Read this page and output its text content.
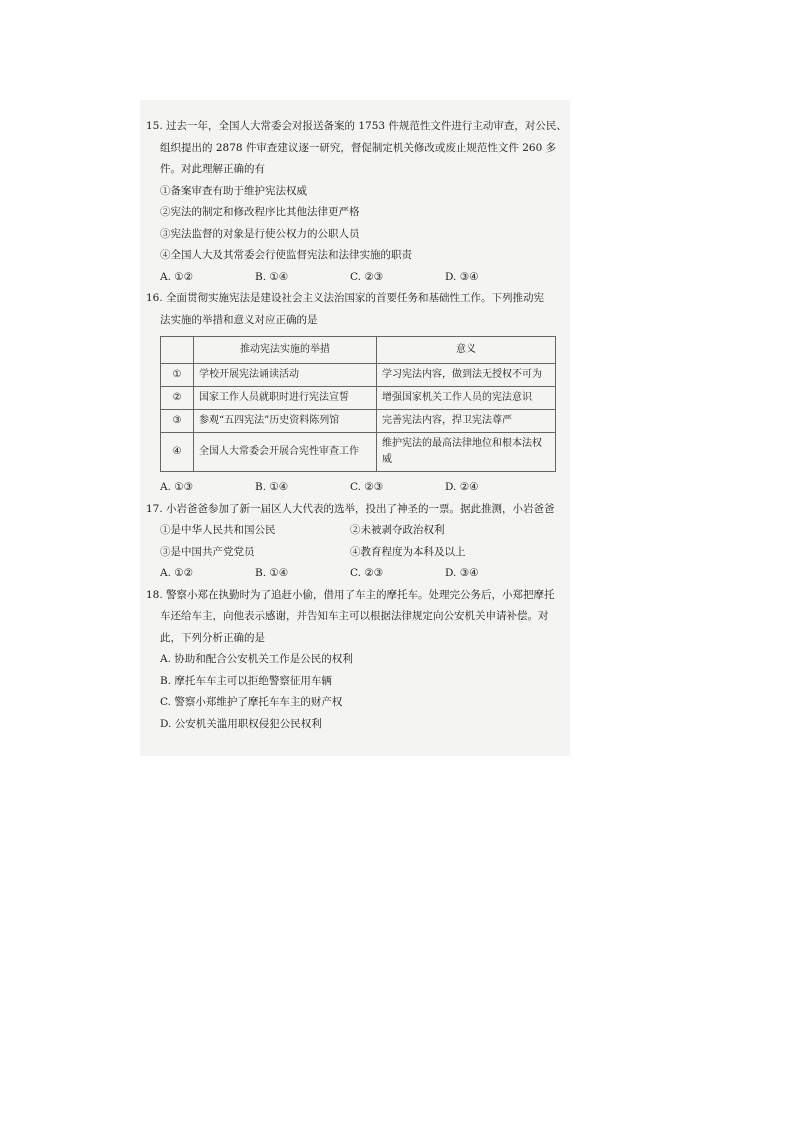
15. 过去一年，全国人大常委会对报送备案的 1753 件规范性文件进行主动审查，对公民、
组织提出的 2878 件审查建议逐一研究，督促制定机关修改或废止规范性文件 260 多
件。对此理解正确的有
①备案审查有助于维护宪法权威
②宪法的制定和修改程序比其他法律更严格
③宪法监督的对象是行使公权力的公职人员
④全国人大及其常委会行使监督宪法和法律实施的职责
A. ①②	B. ①④	C. ②③	D. ③④
16. 全面贯彻实施宪法是建设社会主义法治国家的首要任务和基础性工作。下列推动宪
法实施的举措和意义对应正确的是
	推动宪法实施的举措	意义
①	学校开展宪法诵读活动	学习宪法内容，做到法无授权不可为
②	国家工作人员就职时进行宪法宣誓	增强国家机关工作人员的宪法意识
③	参观“五四宪法”历史资料陈列馆	完善宪法内容，捍卫宪法尊严
④	全国人大常委会开展合宪性审查工作	维护宪法的最高法律地位和根本法权威
A. ①③	B. ①④	C. ②③	D. ②④
17. 小岩爸爸参加了新一届区人大代表的选举，投出了神圣的一票。据此推测，小岩爸爸
①是中华人民共和国公民	②未被剥夺政治权利
③是中国共产党党员	④教育程度为本科及以上
A. ①②	B. ①④	C. ②③	D. ③④
18. 警察小郑在执勤时为了追赶小偷，借用了车主的摩托车。处理完公务后，小郑把摩托
车还给车主，向他表示感谢，并告知车主可以根据法律规定向公安机关申请补偿。对
此，下列分析正确的是
A. 协助和配合公安机关工作是公民的权利
B. 摩托车车主可以拒绝警察征用车辆
C. 警察小郑维护了摩托车车主的财产权
D. 公安机关滥用职权侵犯公民权利
